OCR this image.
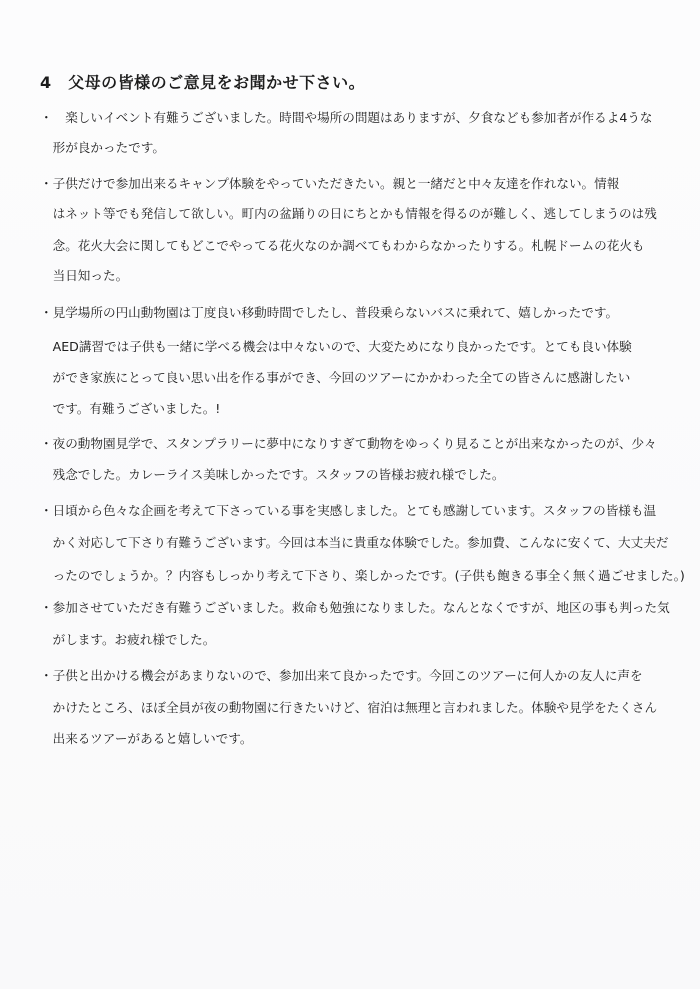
4　父母の皆様のご意見をお聞かせ下さい。
・　楽しいイベント有難うございました。時間や場所の問題はありますが、夕食なども参加者が作るよ4うな
　形が良かったです。
・子供だけで参加出来るキャンプ体験をやっていただきたい。親と一緒だと中々友達を作れない。情報
　はネット等でも発信して欲しい。町内の盆踊りの日にちとかも情報を得るのが難しく、逃してしまうのは残
　念。花火大会に関してもどこでやってる花火なのか調べてもわからなかったりする。札幌ドームの花火も
　当日知った。
・見学場所の円山動物園は丁度良い移動時間でしたし、普段乗らないバスに乗れて、嬉しかったです。
　AED講習では子供も一緒に学べる機会は中々ないので、大変ためになり良かったです。とても良い体験
　ができ家族にとって良い思い出を作る事ができ、今回のツアーにかかわった全ての皆さんに感謝したい
　です。有難うございました。!
・夜の動物園見学で、スタンプラリーに夢中になりすぎて動物をゆっくり見ることが出来なかったのが、少々
　残念でした。カレーライス美味しかったです。スタッフの皆様お疲れ様でした。
・日頃から色々な企画を考えて下さっている事を実感しました。とても感謝しています。スタッフの皆様も温
　かく対応して下さり有難うございます。今回は本当に貴重な体験でした。参加費、こんなに安くて、大丈夫だ
　ったのでしょうか。？内容もしっかり考えて下さり、楽しかったです。(子供も飽きる事全く無く過ごせました。)
・参加させていただき有難うございました。救命も勉強になりました。なんとなくですが、地区の事も判った気
　がします。お疲れ様でした。
・子供と出かける機会があまりないので、参加出来て良かったです。今回このツアーに何人かの友人に声を
　かけたところ、ほぼ全員が夜の動物園に行きたいけど、宿泊は無理と言われました。体験や見学をたくさん
　出来るツアーがあると嬉しいです。
